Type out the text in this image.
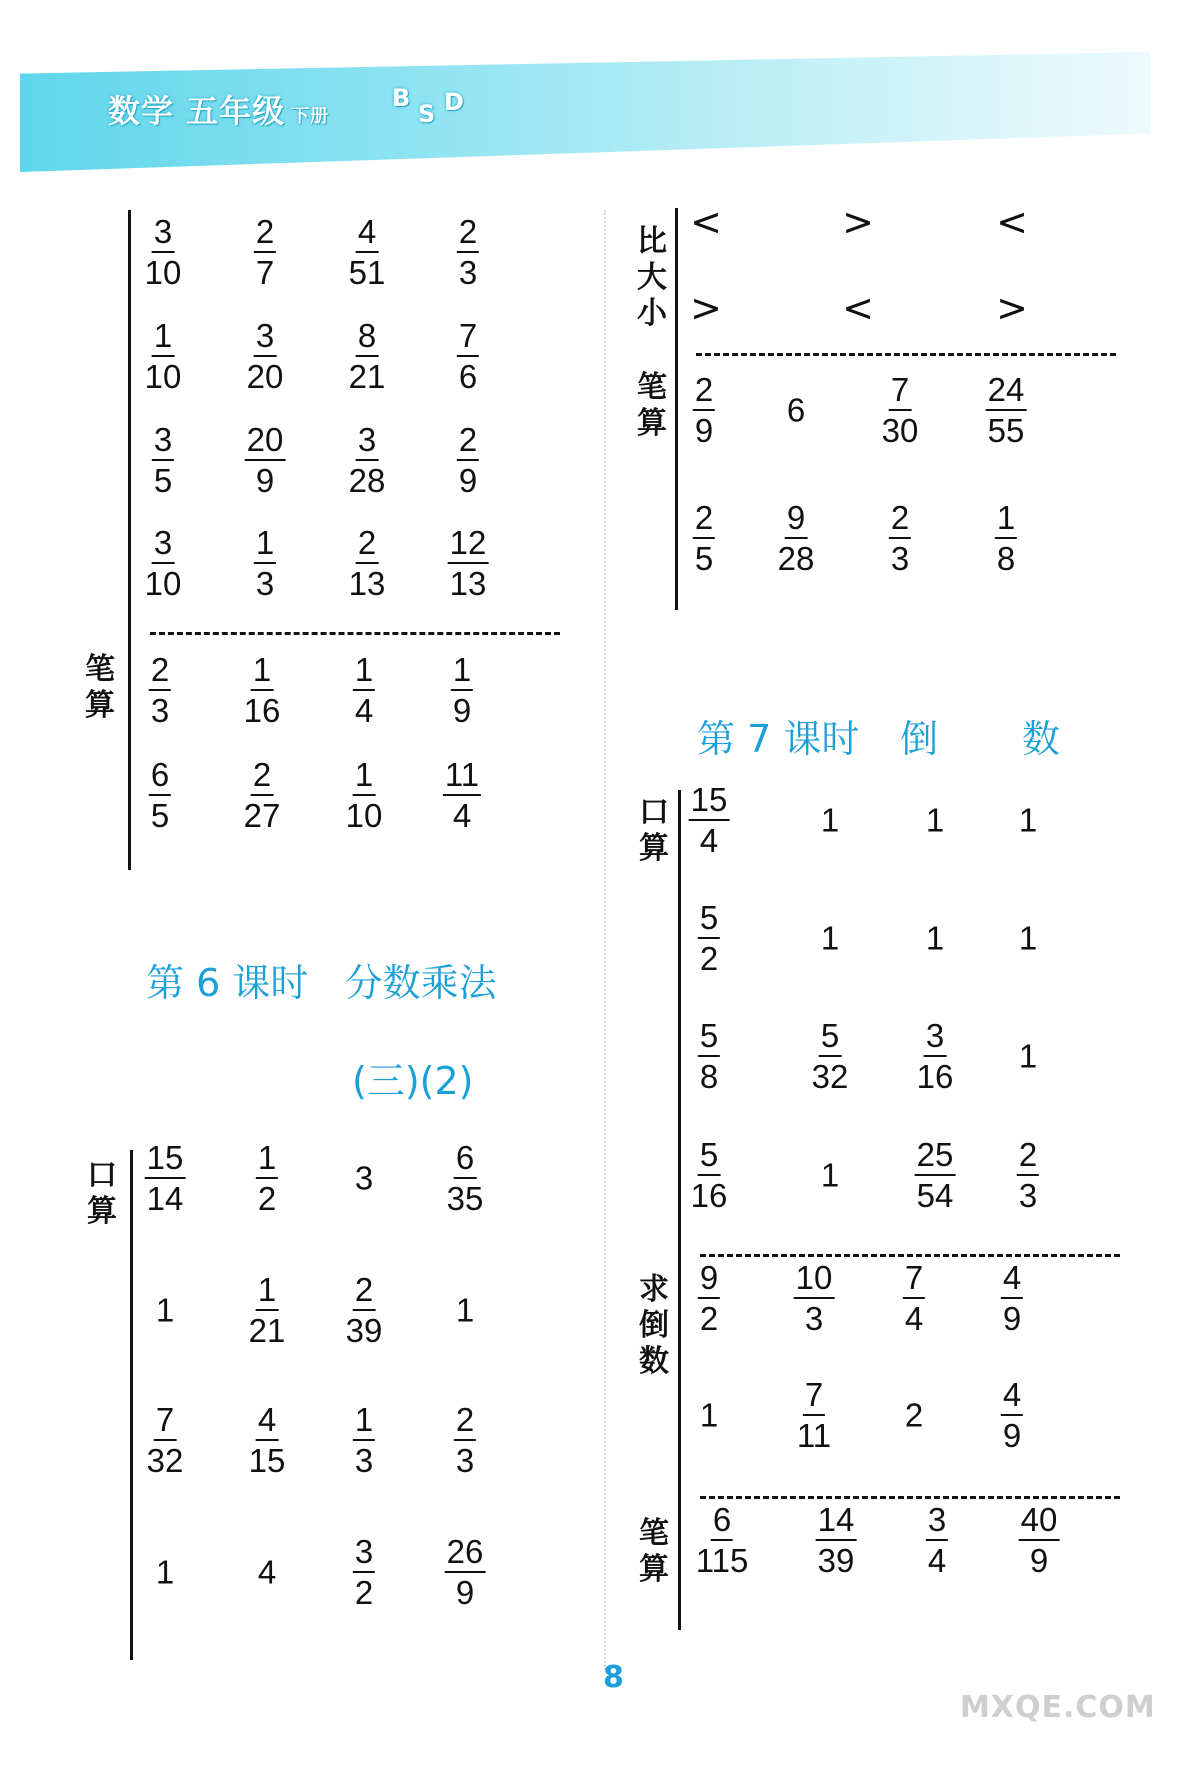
数学 五年级 下册
笔算
$\frac{3}{10} \frac{2}{7} \frac{4}{51} \frac{2}{3}$
$\frac{1}{10} \frac{3}{20} \frac{8}{21} \frac{7}{6}$
$\frac{3}{5} \frac{20}{9} \frac{3}{28} \frac{2}{9}$
$\frac{3}{10} \frac{1}{3} \frac{2}{13} \frac{12}{13}$
$\frac{2}{3} \frac{1}{16} \frac{1}{4} \frac{1}{9}$
$\frac{6}{5} \frac{2}{27} \frac{1}{10} \frac{11}{4}$
第 6 课时 分数乘法
(三)(2)
口算 $\frac{15}{14} \frac{1}{2} 3 \frac{6}{35}$
$1 \frac{1}{21} \frac{2}{39} 1$
$\frac{7}{32} \frac{4}{15} \frac{1}{3} \frac{2}{3}$
1	$4 \frac{3}{2} \frac{26}{9}$
比大小
<	>	<
>	<	>
笔算 $\frac{2}{9} 6 \frac{7}{30} \frac{24}{55}$
$\frac{2}{5} \frac{9}{28} \frac{2}{3}$	$\frac{1}{8}$
第 7 课时 倒 数
口算 $\frac{15}{4}$	1	1 1
$\frac{5}{2}$	1	1 1
$\frac{5}{8}$	$\frac{5}{32} \frac{3}{16} 1$
$\frac{5}{16}$	$1 \frac{25}{54} \frac{2}{3}$
求倒数
$\frac{9}{2} \frac{10}{3} \frac{7}{4} \frac{4}{9}$
$1 \frac{7}{11} 2 \frac{4}{9}$
笔算 $\frac{6}{115} \frac{14}{39} \frac{3}{4} \frac{40}{9}$
8
MXQE.COM
